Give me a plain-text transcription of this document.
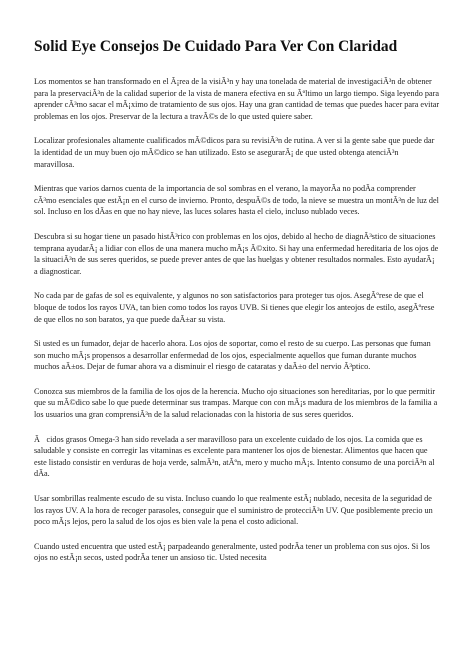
Solid Eye Consejos De Cuidado Para Ver Con Claridad

Los momentos se han transformado en el Ã¡rea de la visiÃ³n y hay una tonelada de material de investigaciÃ³n de obtener para la preservaciÃ³n de la calidad superior de la vista de manera efectiva en su Ãºltimo un largo tiempo. Siga leyendo para aprender cÃ³mo sacar el mÃ¡ximo de tratamiento de sus ojos. Hay una gran cantidad de temas que puedes hacer para evitar problemas en los ojos. Preservar de la lectura a travÃ©s de lo que usted quiere saber.

Localizar profesionales altamente cualificados mÃ©dicos para su revisiÃ³n de rutina. A ver si la gente sabe que puede dar la identidad de un muy buen ojo mÃ©dico se han utilizado. Esto se asegurarÃ¡ de que usted obtenga atenciÃ³n maravillosa.

Mientras que varios darnos cuenta de la importancia de sol sombras en el verano, la mayorÃa no podÃa comprender cÃ³mo esenciales que estÃ¡n en el curso de invierno. Pronto, despuÃ©s de todo, la nieve se muestra un montÃ³n de luz del sol. Incluso en los dÃas en que no hay nieve, las luces solares hasta el cielo, incluso nublado veces.

Descubra si su hogar tiene un pasado histÃ³rico con problemas en los ojos, debido al hecho de diagnÃ³stico de situaciones temprana ayudarÃ¡ a lidiar con ellos de una manera mucho mÃ¡s Ã©xito. Si hay una enfermedad hereditaria de los ojos de la situaciÃ³n de sus seres queridos, se puede prever antes de que las huelgas y obtener resultados normales. Esto ayudarÃ¡ a diagnosticar.

No cada par de gafas de sol es equivalente, y algunos no son satisfactorios para proteger tus ojos. AsegÃºrese de que el bloque de todos los rayos UVA, tan bien como todos los rayos UVB. Si tienes que elegir los anteojos de estilo, asegÃºrese de que ellos no son baratos, ya que puede daÃ±ar su vista.

Si usted es un fumador, dejar de hacerlo ahora. Los ojos de soportar, como el resto de su cuerpo. Las personas que fuman son mucho mÃ¡s propensos a desarrollar enfermedad de los ojos, especialmente aquellos que fuman durante muchos muchos aÃ±os. Dejar de fumar ahora va a disminuir el riesgo de cataratas y daÃ±o del nervio Ã³ptico.

Conozca sus miembros de la familia de los ojos de la herencia. Mucho ojo situaciones son hereditarias, por lo que permitir que su mÃ©dico sabe lo que puede determinar sus trampas. Marque con con mÃ¡s madura de los miembros de la familia a los usuarios una gran comprensiÃ³n de la salud relacionadas con la historia de sus seres queridos.

Ãcidos grasos Omega-3 han sido revelada a ser maravilloso para un excelente cuidado de los ojos. La comida que es saludable y consiste en corregir las vitaminas es excelente para mantener los ojos de bienestar. Alimentos que hacen que este listado consistir en verduras de hoja verde, salmÃ³n, atÃºn, mero y mucho mÃ¡s. Intento consumo de una porciÃ³n al dÃa.

Usar sombrillas realmente escudo de su vista. Incluso cuando lo que realmente estÃ¡ nublado, necesita de la seguridad de los rayos UV. A la hora de recoger parasoles, conseguir que el suministro de protecciÃ³n UV. Que posiblemente precio un poco mÃ¡s lejos, pero la salud de los ojos es bien vale la pena el costo adicional.

Cuando usted encuentra que usted estÃ¡ parpadeando generalmente, usted podrÃa tener un problema con sus ojos. Si los ojos no estÃ¡n secos, usted podrÃa tener un ansioso tic. Usted necesita
